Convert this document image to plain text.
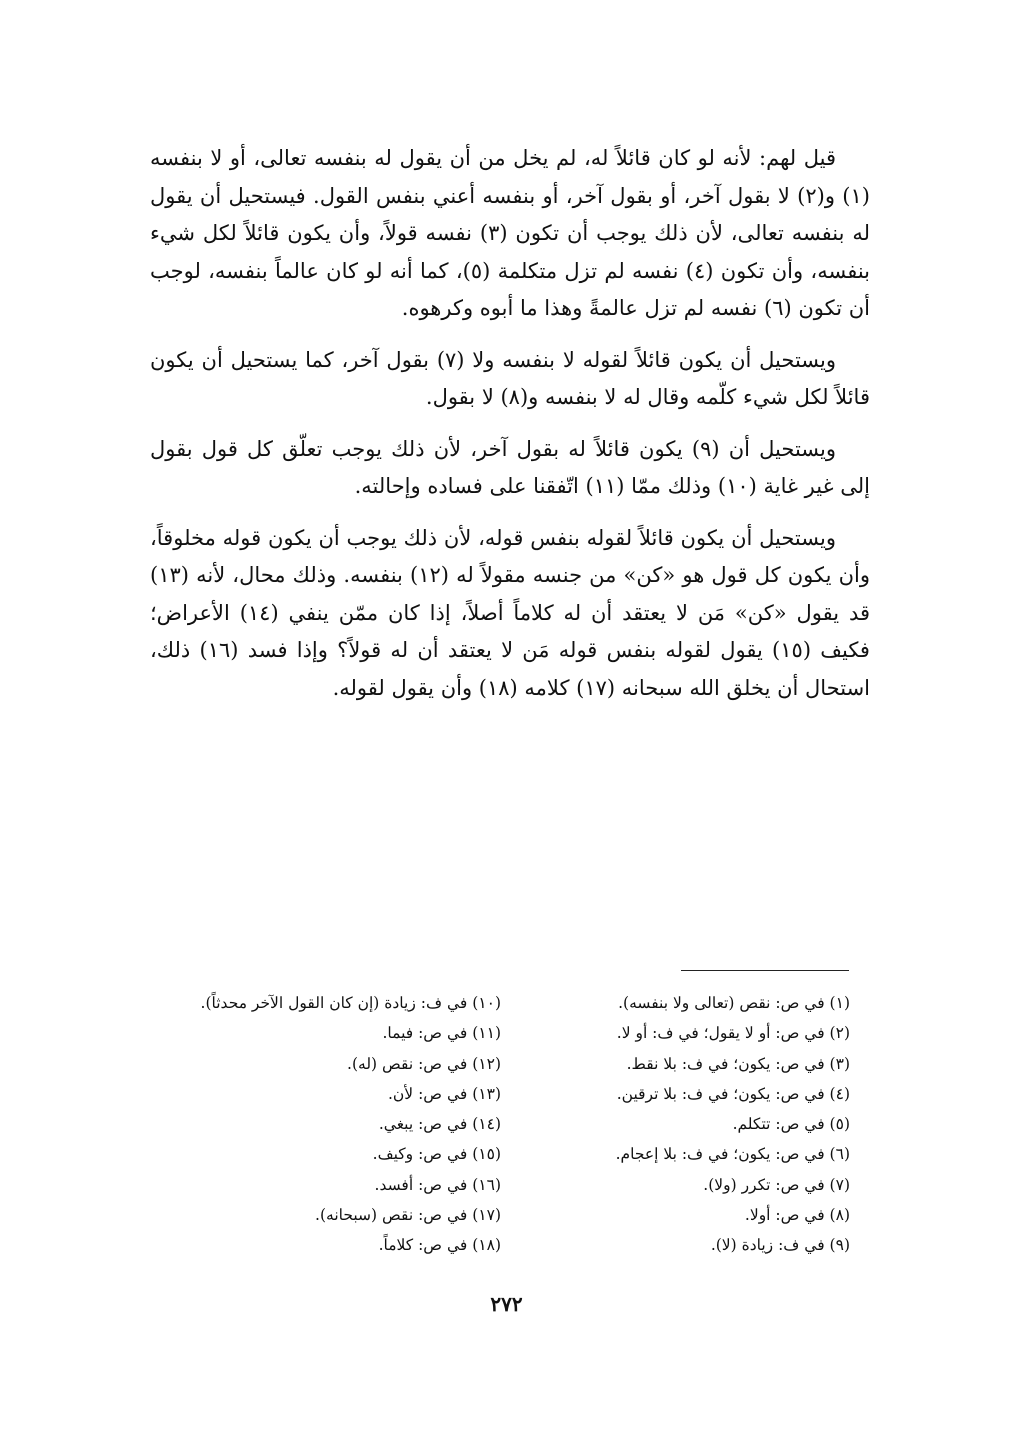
قيل لهم: لأنه لو كان قائلاً له، لم يخل من أن يقول له بنفسه تعالى، أو لا بنفسه (١) و(٢) لا بقول آخر، أو بقول آخر، أو بنفسه أعني بنفس القول. فيستحيل أن يقول له بنفسه تعالى، لأن ذلك يوجب أن تكون (٣) نفسه قولاً، وأن يكون قائلاً لكل شيء بنفسه، وأن تكون (٤) نفسه لم تزل متكلمة (٥)، كما أنه لو كان عالماً بنفسه، لوجب أن تكون (٦) نفسه لم تزل عالمةً وهذا ما أبوه وكرهوه.

ويستحيل أن يكون قائلاً لقوله لا بنفسه ولا (٧) بقول آخر، كما يستحيل أن يكون قائلاً لكل شيء كلّمه وقال له لا بنفسه و(٨) لا بقول.

ويستحيل أن (٩) يكون قائلاً له بقول آخر، لأن ذلك يوجب تعلّق كل قول بقول إلى غير غاية (١٠) وذلك ممّا (١١) اتّفقنا على فساده وإحالته.

ويستحيل أن يكون قائلاً لقوله بنفس قوله، لأن ذلك يوجب أن يكون قوله مخلوقاً، وأن يكون كل قول هو «كن» من جنسه مقولاً له (١٢) بنفسه. وذلك محال، لأنه (١٣) قد يقول «كن» مَن لا يعتقد أن له كلاماً أصلاً، إذا كان ممّن ينفي (١٤) الأعراض؛ فكيف (١٥) يقول لقوله بنفس قوله مَن لا يعتقد أن له قولاً؟ وإذا فسد (١٦) ذلك، استحال أن يخلق الله سبحانه (١٧) كلامه (١٨) وأن يقول لقوله.

(١) في ص: نقص (تعالى ولا بنفسه).

(٢) في ص: أو لا يقول؛ في ف: أو لا.

(٣) في ص: يكون؛ في ف: بلا نقط.

(٤) في ص: يكون؛ في ف: بلا ترقين.

(٥) في ص: تتكلم.

(٦) في ص: يكون؛ في ف: بلا إعجام.

(٧) في ص: تكرر (ولا).

(٨) في ص: أولا.

(٩) في ف: زيادة (لا).

(١٠) في ف: زيادة (إن كان القول الآخر محدثاً).

(١١) في ص: فيما.

(١٢) في ص: نقص (له).

(١٣) في ص: لأن.

(١٤) في ص: يبغي.

(١٥) في ص: وكيف.

(١٦) في ص: أفسد.

(١٧) في ص: نقص (سبحانه).

(١٨) في ص: كلاماً.

٢٧٢
